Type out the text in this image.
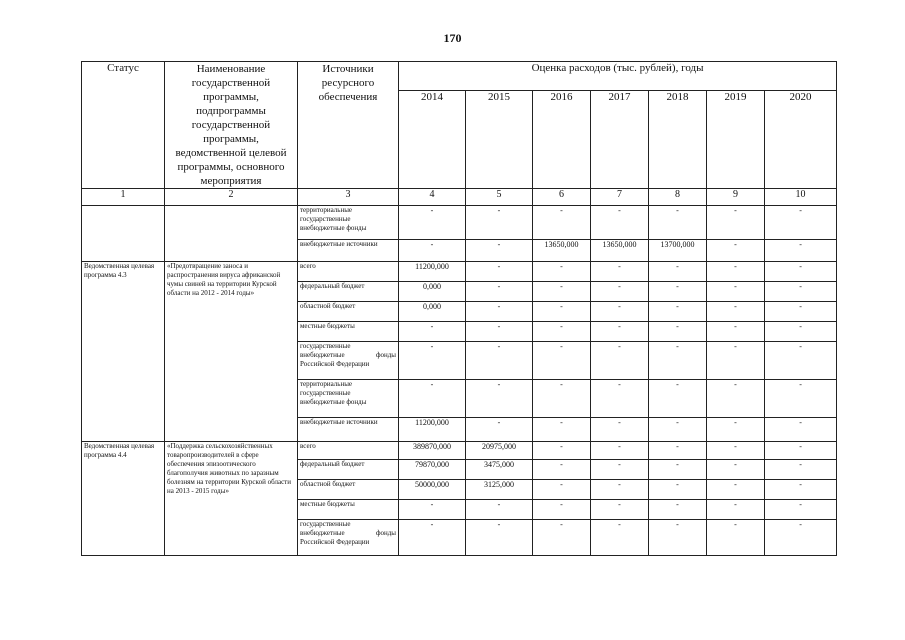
170
Статус	Наименование государственной программы, подпрограммы государственной программы, ведомственной целевой программы, основного мероприятия	Источники ресурсного обеспечения	Оценка расходов (тыс. рублей), годы						
			2014	2015	2016	2017	2018	2019	2020
1	2	3	4	5	6	7	8	9	10
		территориальные государственные внебюджетные фонды	-	-	-	-	-	-	-
		внебюджетные источники	-	-	13650,000	13650,000	13700,000	-	-
Ведомственная целевая программа 4.3	«Предотвращение заноса и распространения вируса африканской чумы свиней на территории Курской области на 2012 - 2014 годы»	всего	11200,000	-	-	-	-	-	-
		федеральный бюджет	0,000	-	-	-	-	-	-
		областной бюджет	0,000	-	-	-	-	-	-
		местные бюджеты	-	-	-	-	-	-	-
		государственные внебюджетные фонды Российской Федерации	-	-	-	-	-	-	-
		территориальные государственные внебюджетные фонды	-	-	-	-	-	-	-
		внебюджетные источники	11200,000	-	-	-	-	-	-
Ведомственная целевая программа 4.4	«Поддержка сельскохозяйственных товаропроизводителей в сфере обеспечения эпизоотического благополучия животных по заразным болезням на территории Курской области на 2013 - 2015 годы»	всего	389870,000	20975,000	-	-	-	-	-
		федеральный бюджет	79870,000	3475,000	-	-	-	-	-
		областной бюджет	50000,000	3125,000	-	-	-	-	-
		местные бюджеты	-	-	-	-	-	-	-
		государственные внебюджетные фонды Российской Федерации	-	-	-	-	-	-	-
